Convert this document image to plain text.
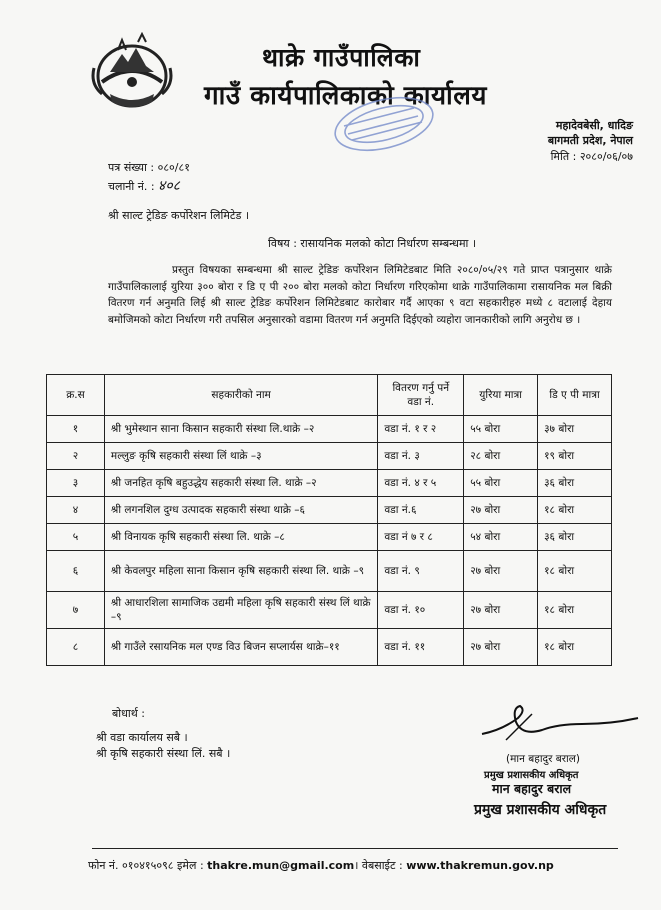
थाक्रे गाउँपालिका
गाउँ कार्यपालिकाको कार्यालय
महादेवबेसी, धादिङ
बागमती प्रदेश, नेपाल
मिति : २०८०/०६/०७
पत्र संख्या : ०८०/८१
चलानी नं. : ४०८
श्री साल्ट ट्रेडिङ कर्पोरेशन लिमिटेड ।
विषय : रासायनिक मलको कोटा निर्धारण सम्बन्धमा ।
प्रस्तुत विषयका सम्बन्धमा श्री साल्ट ट्रेडिङ कर्पोरेशन लिमिटेडबाट मिति २०८०/०५/२९ गते प्राप्त पत्रानुसार थाक्रे गाउँपालिकालाई युरिया ३०० बोरा र डि ए पी २०० बोरा मलको कोटा निर्धारण गरिएकोमा थाक्रे गाउँपालिकामा रासायनिक मल बिक्री वितरण गर्न अनुमति लिई श्री साल्ट ट्रेडिङ कर्पोरेशन लिमिटेडबाट कारोबार गर्दै आएका ९ वटा सहकारीहरु मध्ये ८ वटालाई देहाय बमोजिमको कोटा निर्धारण गरी तपसिल अनुसारको वडामा वितरण गर्न अनुमति दिईएको व्यहोरा जानकारीको लागि अनुरोध छ ।
क्र.स	सहकारीको नाम	वितरण गर्नु पर्ने वडा नं.	युरिया मात्रा	डि ए पी मात्रा
१	श्री भुमेस्थान साना किसान सहकारी संस्था लि.थाक्रे –२	वडा नं. १ र २	५५ बोरा	३७ बोरा
२	मल्लुङ कृषि सहकारी संस्था लिं थाक्रे –३	वडा नं. ३	२८ बोरा	१९ बोरा
३	श्री जनहित कृषि बहुउद्धेय सहकारी संस्था लि. थाक्रे –२	वडा नं. ४ र ५	५५ बोरा	३६ बोरा
४	श्री लगनशिल दुग्ध उत्पादक सहकारी संस्था थाक्रे –६	वडा नं.६	२७ बोरा	१८ बोरा
५	श्री विनायक कृषि सहकारी संस्था लि. थाक्रे –८	वडा नं ७ र ८	५४ बोरा	३६ बोरा
६	श्री केवलपुर महिला साना किसान कृषि सहकारी संस्था लि. थाक्रे –९	वडा नं. ९	२७ बोरा	१८ बोरा
७	श्री आधारशिला सामाजिक उद्यमी महिला कृषि सहकारी संस्थ लिं थाक्रे –९	वडा नं. १०	२७ बोरा	१८ बोरा
८	श्री गाउँले रसायनिक मल एण्ड विउ बिजन सप्लार्यस थाक्रे–११	वडा नं. ११	२७ बोरा	१८ बोरा
बोधार्थ :
श्री वडा कार्यालय सबै ।
श्री कृषि सहकारी संस्था लिं. सबै ।	(मान बहादुर बराल)
प्रमुख प्रशासकीय अधिकृत
मान बहादुर बराल
प्रमुख प्रशासकीय अधिकृत
फोन नं. ०१०४१५०९८ इमेल : thakre.mun@gmail.com। वेबसाईट : www.thakremun.gov.np
